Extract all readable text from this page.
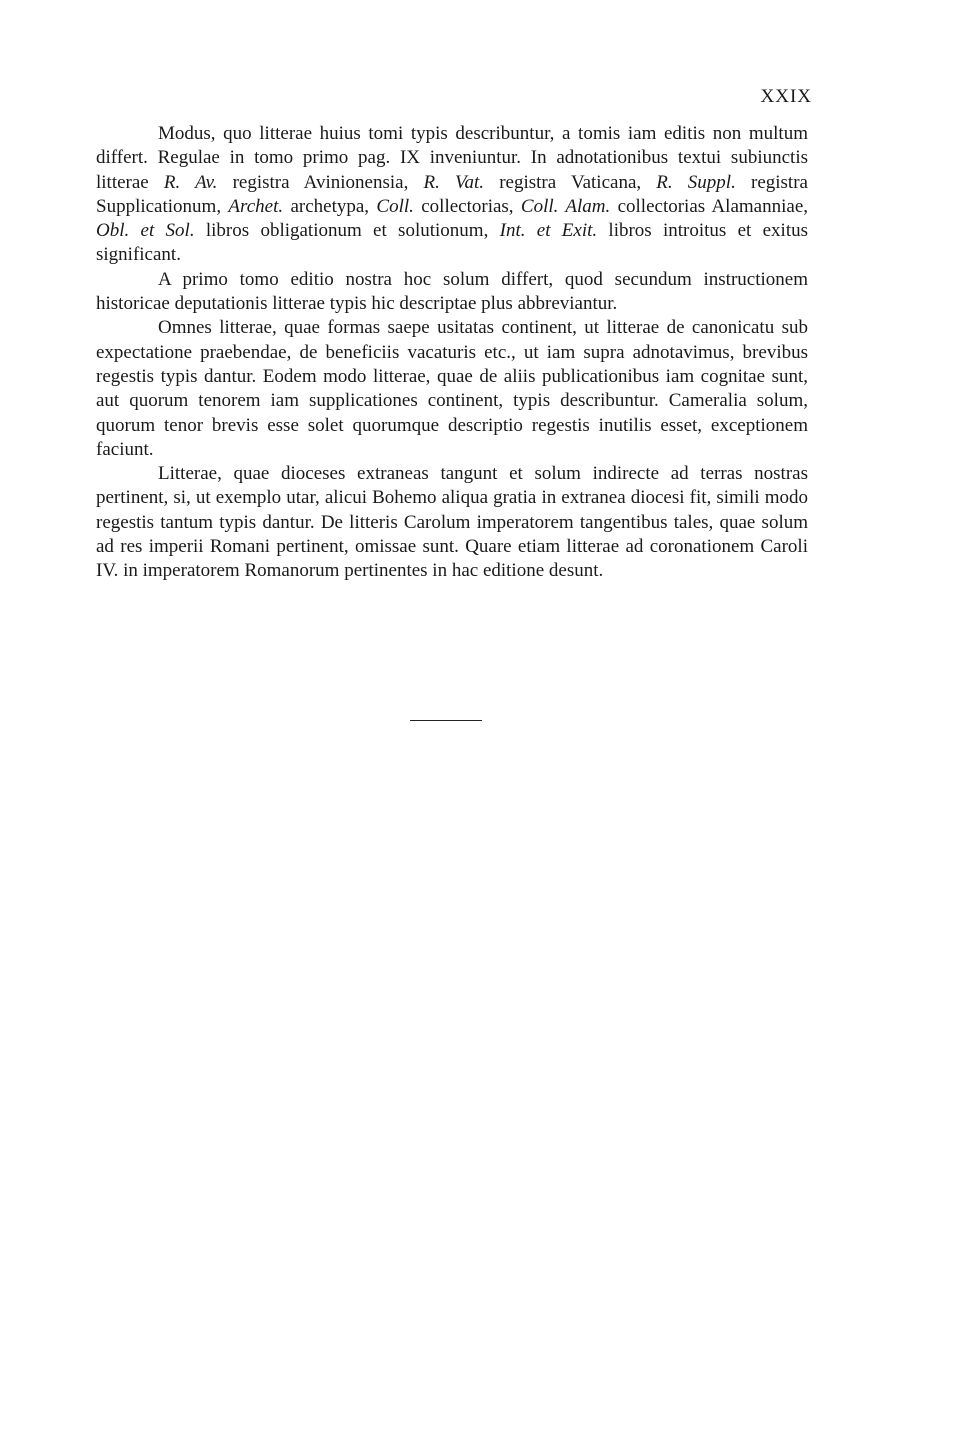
XXIX

Modus, quo litterae huius tomi typis describuntur, a tomis iam editis non multum differt. Regulae in tomo primo pag. IX inveniuntur. In adnotationibus textui subiunctis litterae R. Av. registra Avinionensia, R. Vat. registra Vaticana, R. Suppl. registra Supplicationum, Archet. archetypa, Coll. collectorias, Coll. Alam. collectorias Alamanniae, Obl. et Sol. libros obligationum et solutionum, Int. et Exit. libros introitus et exitus significant.

A primo tomo editio nostra hoc solum differt, quod secundum instructionem historicae deputationis litterae typis hic descriptae plus abbreviantur.

Omnes litterae, quae formas saepe usitatas continent, ut litterae de canonicatu sub expectatione praebendae, de beneficiis vacaturis etc., ut iam supra adnotavimus, brevibus regestis typis dantur. Eodem modo litterae, quae de aliis publicationibus iam cognitae sunt, aut quorum tenorem iam supplicationes continent, typis describuntur. Cameralia solum, quorum tenor brevis esse solet quorumque descriptio regestis inutilis esset, exceptionem faciunt.

Litterae, quae dioceses extraneas tangunt et solum indirecte ad terras nostras pertinent, si, ut exemplo utar, alicui Bohemo aliqua gratia in extranea diocesi fit, simili modo regestis tantum typis dantur. De litteris Carolum imperatorem tangentibus tales, quae solum ad res imperii Romani pertinent, omissae sunt. Quare etiam litterae ad coronationem Caroli IV. in imperatorem Romanorum pertinentes in hac editione desunt.
